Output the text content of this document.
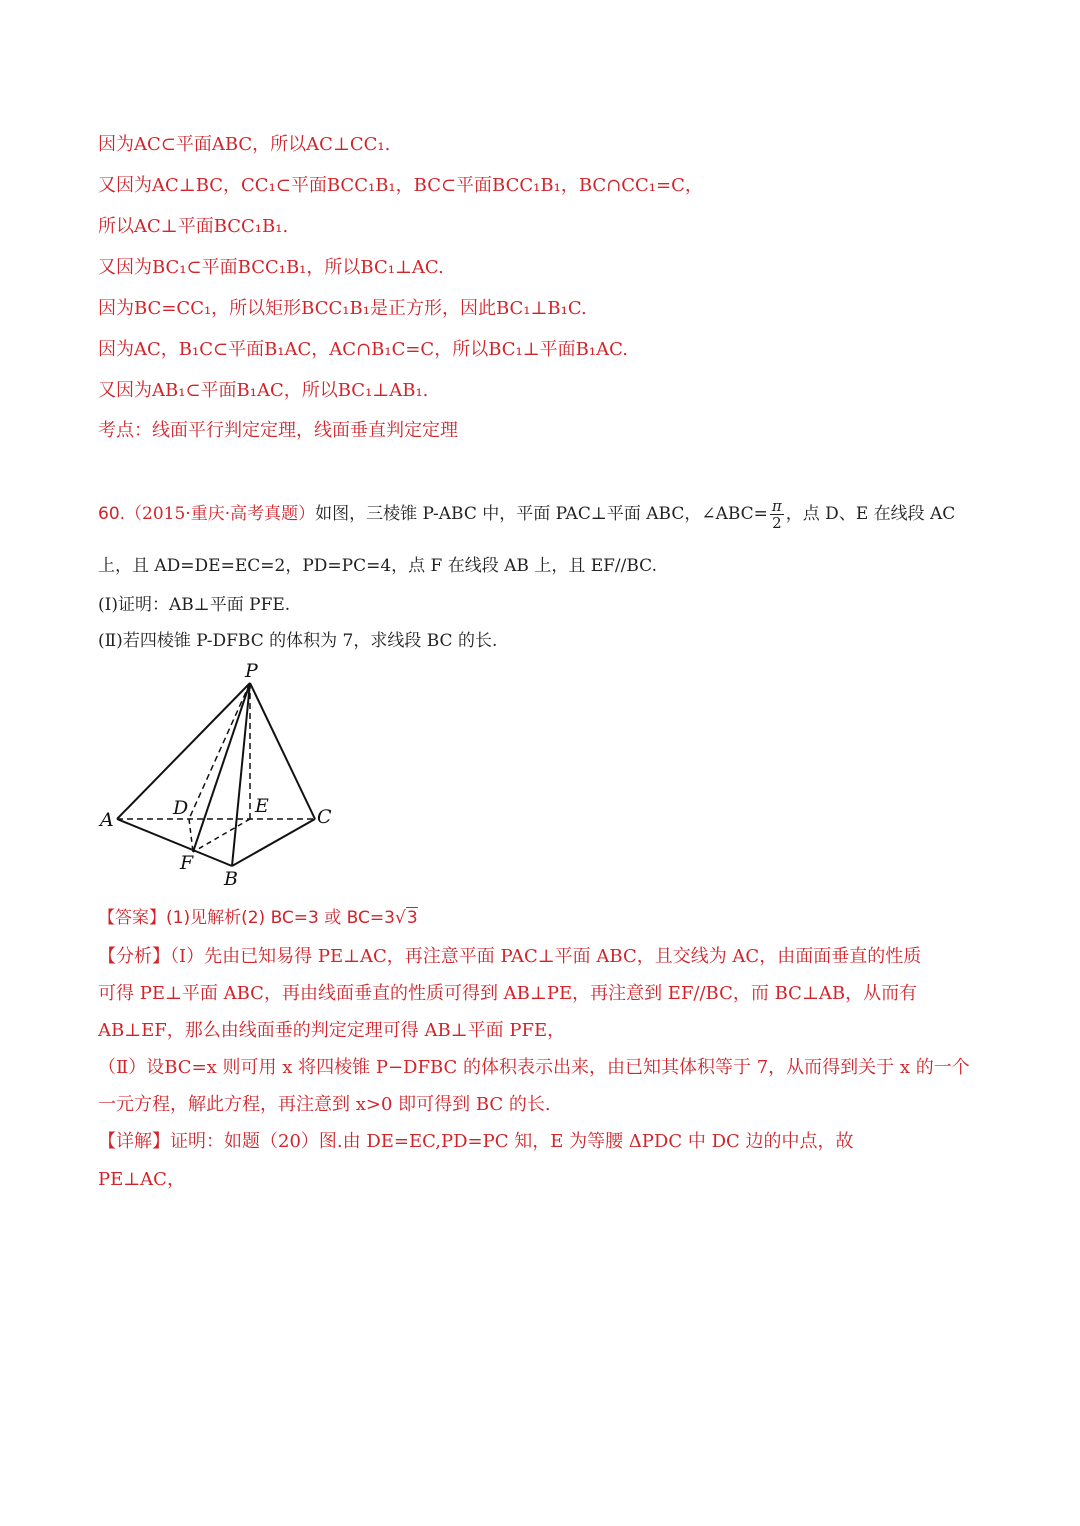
因为AC⊂平面ABC，所以AC⊥CC₁.
又因为AC⊥BC，CC₁⊂平面BCC₁B₁，BC⊂平面BCC₁B₁，BC∩CC₁=C，
所以AC⊥平面BCC₁B₁.
又因为BC₁⊂平面BCC₁B₁，所以BC₁⊥AC.
因为BC=CC₁，所以矩形BCC₁B₁是正方形，因此BC₁⊥B₁C.
因为AC，B₁C⊂平面B₁AC，AC∩B₁C=C，所以BC₁⊥平面B₁AC.
又因为AB₁⊂平面B₁AC，所以BC₁⊥AB₁.
考点：线面平行判定定理，线面垂直判定定理
60.（2015·重庆·高考真题）如图，三棱锥 P-ABC 中，平面 PAC⊥平面 ABC，∠ABC= $\frac{\pi}{2}$ ，点 D、E 在线段 AC
上，且 AD=DE=EC=2，PD=PC=4，点 F 在线段 AB 上，且 EF//BC.
(Ⅰ)证明：AB⊥平面 PFE.
(Ⅱ)若四棱锥 P-DFBC 的体积为 7，求线段 BC 的长.
P
A
B
C
D	E
F
【答案】(1)见解析(2) BC=3 或 BC=3√3
【分析】（Ⅰ）先由已知易得 PE⊥AC，再注意平面 PAC⊥平面 ABC，且交线为 AC，由面面垂直的性质
可得 PE⊥平面 ABC，再由线面垂直的性质可得到 AB⊥PE，再注意到 EF//BC，而 BC⊥AB，从而有
AB⊥EF，那么由线面垂的判定定理可得 AB⊥平面 PFE，
（Ⅱ）设BC=x 则可用 x 将四棱锥 P−DFBC 的体积表示出来，由已知其体积等于 7，从而得到关于 x 的一个
一元方程，解此方程，再注意到 x>0 即可得到 BC 的长.
【详解】证明：如题（20）图.由 DE=EC,PD=PC 知，E 为等腰 ΔPDC 中 DC 边的中点，故
PE⊥AC，
